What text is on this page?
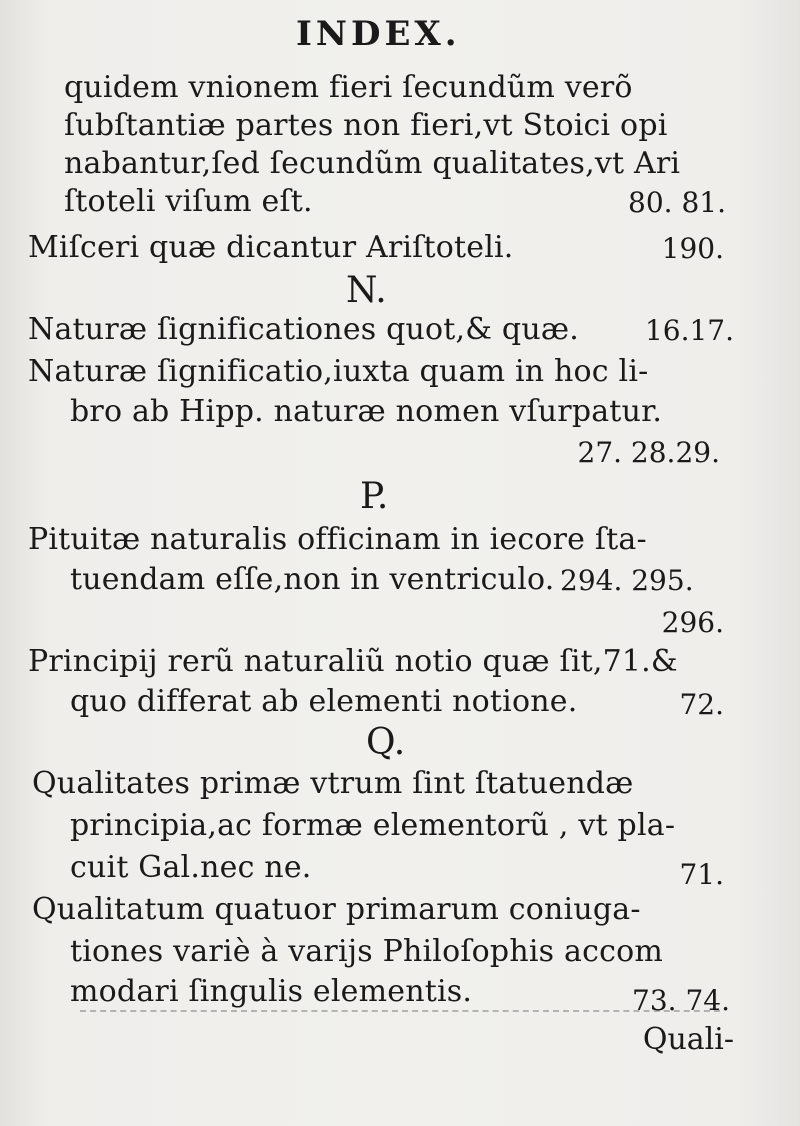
INDEX.
quidem vnionem fieri ſecundũm verõ
ſubſtantiæ partes non fieri,vt Stoici opi
nabantur,ſed ſecundũm qualitates,vt Ari
ſtoteli viſum eſt.	80. 81.
Miſceri quæ dicantur Ariſtoteli.	190.
N.
Naturæ ſignificationes quot,& quæ. 16.17.
Naturæ ſignificatio,iuxta quam in hoc li-
bro ab Hipp. naturæ nomen vſurpatur.
27. 28.29.
P.
Pituitæ naturalis officinam in iecore ſta-
tuendam eſſe,non in ventriculo. 294. 295.
296.
Principij rerũ naturaliũ notio quæ ſit,71.&
quo differat ab elementi notione.	72.
Q.
Qualitates primæ vtrum ſint ſtatuendæ
principia,ac formæ elementorũ , vt pla-
cuit Gal.nec ne.	71.
Qualitatum quatuor primarum coniuga-
tiones variè à varijs Philoſophis accom
modari ſingulis elementis.	73. 74.
Quali-
